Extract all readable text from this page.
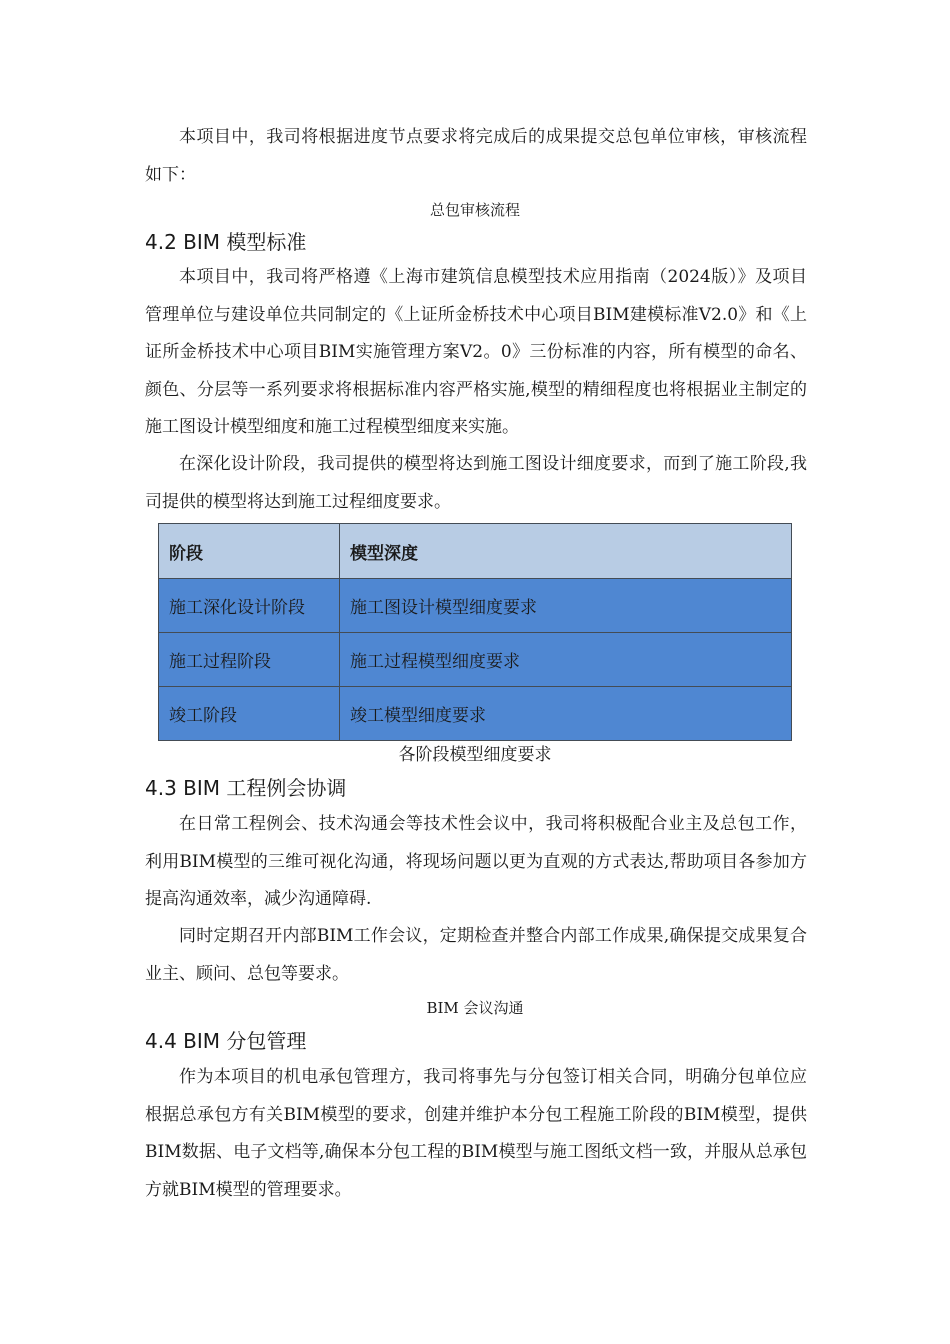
本项目中，我司将根据进度节点要求将完成后的成果提交总包单位审核，审核流程如下：

总包审核流程

4.2 BIM 模型标准

本项目中，我司将严格遵《上海市建筑信息模型技术应用指南（2024版）》及项目管理单位与建设单位共同制定的《上证所金桥技术中心项目BIM建模标准V2.0》和《上证所金桥技术中心项目BIM实施管理方案V2。0》三份标准的内容，所有模型的命名、颜色、分层等一系列要求将根据标准内容严格实施,模型的精细程度也将根据业主制定的施工图设计模型细度和施工过程模型细度来实施。

在深化设计阶段，我司提供的模型将达到施工图设计细度要求，而到了施工阶段,我司提供的模型将达到施工过程细度要求。

阶段	模型深度
施工深化设计阶段	施工图设计模型细度要求
施工过程阶段	施工过程模型细度要求
竣工阶段	竣工模型细度要求

各阶段模型细度要求

4.3 BIM 工程例会协调

在日常工程例会、技术沟通会等技术性会议中，我司将积极配合业主及总包工作，利用BIM模型的三维可视化沟通，将现场问题以更为直观的方式表达,帮助项目各参加方提高沟通效率，减少沟通障碍.

同时定期召开内部BIM工作会议，定期检查并整合内部工作成果,确保提交成果复合业主、顾问、总包等要求。

BIM 会议沟通

4.4 BIM 分包管理

作为本项目的机电承包管理方，我司将事先与分包签订相关合同，明确分包单位应根据总承包方有关BIM模型的要求，创建并维护本分包工程施工阶段的BIM模型，提供BIM数据、电子文档等,确保本分包工程的BIM模型与施工图纸文档一致，并服从总承包方就BIM模型的管理要求。
